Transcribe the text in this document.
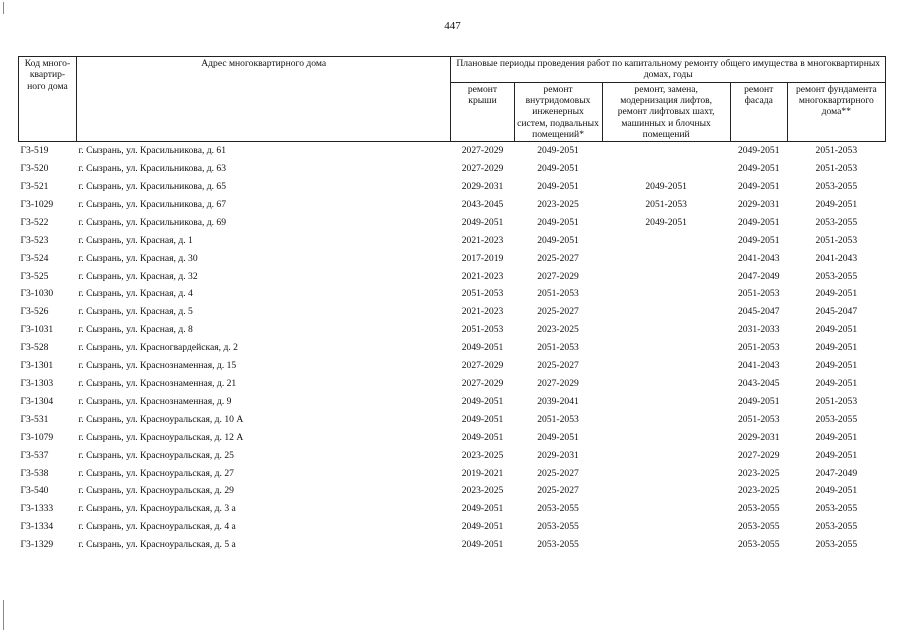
447
Код много-квартир-ного дома	Адрес многоквартирного дома	Плановые периоды проведения работ по капитальному ремонту общего имущества в многоквартирных домах, годы				
		ремонт крыши	ремонт внутридомовых инженерных систем, подвальных помещений*	ремонт, замена, модернизация лифтов, ремонт лифтовых шахт, машинных и блочных помещений	ремонт фасада	ремонт фундамента многоквартирного дома**
Г3-519	г. Сызрань, ул. Красильникова, д. 61	2027-2029	2049-2051		2049-2051	2051-2053
Г3-520	г. Сызрань, ул. Красильникова, д. 63	2027-2029	2049-2051		2049-2051	2051-2053
Г3-521	г. Сызрань, ул. Красильникова, д. 65	2029-2031	2049-2051	2049-2051	2049-2051	2053-2055
Г3-1029	г. Сызрань, ул. Красильникова, д. 67	2043-2045	2023-2025	2051-2053	2029-2031	2049-2051
Г3-522	г. Сызрань, ул. Красильникова, д. 69	2049-2051	2049-2051	2049-2051	2049-2051	2053-2055
Г3-523	г. Сызрань, ул. Красная, д. 1	2021-2023	2049-2051		2049-2051	2051-2053
Г3-524	г. Сызрань, ул. Красная, д. 30	2017-2019	2025-2027		2041-2043	2041-2043
Г3-525	г. Сызрань, ул. Красная, д. 32	2021-2023	2027-2029		2047-2049	2053-2055
Г3-1030	г. Сызрань, ул. Красная, д. 4	2051-2053	2051-2053		2051-2053	2049-2051
Г3-526	г. Сызрань, ул. Красная, д. 5	2021-2023	2025-2027		2045-2047	2045-2047
Г3-1031	г. Сызрань, ул. Красная, д. 8	2051-2053	2023-2025		2031-2033	2049-2051
Г3-528	г. Сызрань, ул. Красногвардейская, д. 2	2049-2051	2051-2053		2051-2053	2049-2051
Г3-1301	г. Сызрань, ул. Краснознаменная, д. 15	2027-2029	2025-2027		2041-2043	2049-2051
Г3-1303	г. Сызрань, ул. Краснознаменная, д. 21	2027-2029	2027-2029		2043-2045	2049-2051
Г3-1304	г. Сызрань, ул. Краснознаменная, д. 9	2049-2051	2039-2041		2049-2051	2051-2053
Г3-531	г. Сызрань, ул. Красноуральская, д. 10 А	2049-2051	2051-2053		2051-2053	2053-2055
Г3-1079	г. Сызрань, ул. Красноуральская, д. 12 А	2049-2051	2049-2051		2029-2031	2049-2051
Г3-537	г. Сызрань, ул. Красноуральская, д. 25	2023-2025	2029-2031		2027-2029	2049-2051
Г3-538	г. Сызрань, ул. Красноуральская, д. 27	2019-2021	2025-2027		2023-2025	2047-2049
Г3-540	г. Сызрань, ул. Красноуральская, д. 29	2023-2025	2025-2027		2023-2025	2049-2051
Г3-1333	г. Сызрань, ул. Красноуральская, д. 3 а	2049-2051	2053-2055		2053-2055	2053-2055
Г3-1334	г. Сызрань, ул. Красноуральская, д. 4 а	2049-2051	2053-2055		2053-2055	2053-2055
Г3-1329	г. Сызрань, ул. Красноуральская, д. 5 а	2049-2051	2053-2055		2053-2055	2053-2055
